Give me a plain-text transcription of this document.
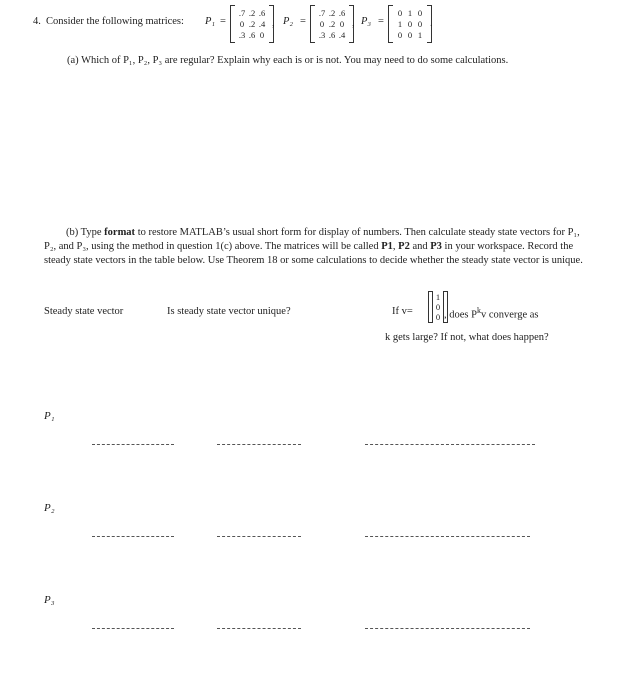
4. Consider the following matrices: P₁ =
.7 .2 .6
0 .2 .4
.3 .6 0
, P₂ =
.7 .2 .6
0 .2 0
.3 .6 .4
, P₃ =
0 1 0
1 0 0
0 0 1
.
(a) Which of P₁, P₂, P₃ are regular? Explain why each is or is not. You may need to do some calculations.
(b) Type format to restore MATLAB’s usual short form for display of numbers. Then calculate steady state vectors for P₁, P₂, and P₃, using the method in question 1(c) above. The matrices will be called P1, P2 and P3 in your workspace. Record the steady state vectors in the table below. Use Theorem 18 or some calculations to decide whether the steady state vector is unique.
Steady state vector	Is steady state vector unique?	If v=
1
0
0 , does $P^kv$ converge as
k gets large? If not, what does happen?
P₁
P₂
P₃
